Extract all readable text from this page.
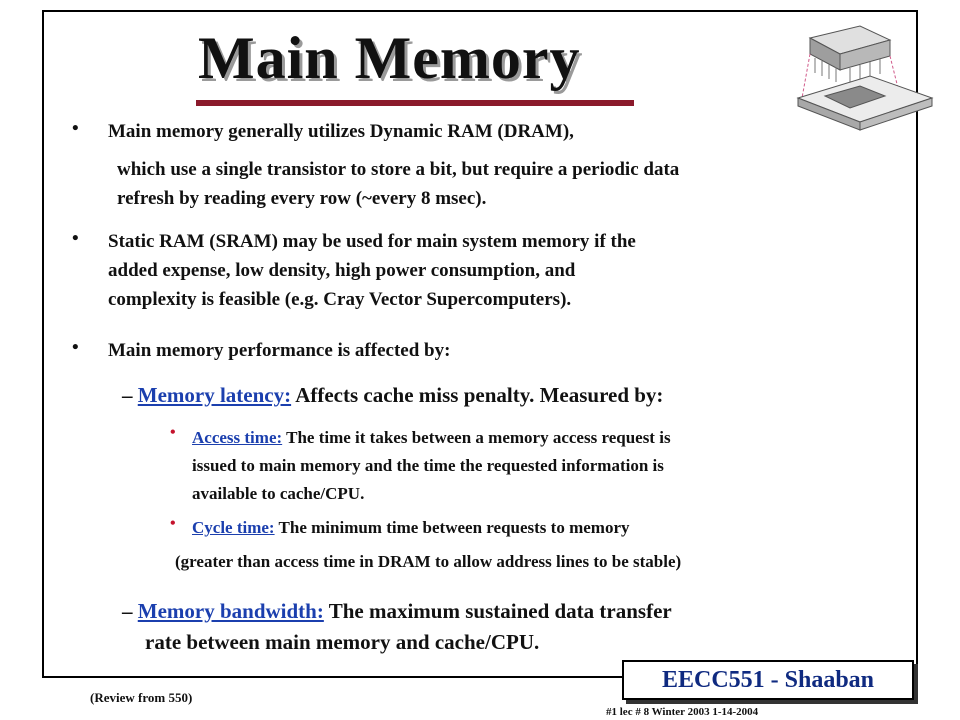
Main Memory
• Main memory generally utilizes Dynamic RAM (DRAM),
which use a single transistor to store a bit, but require a periodic data
refresh by reading every row (~every 8 msec).
• Static RAM (SRAM) may be used for main system memory if the
added expense, low density, high power consumption, and
complexity is feasible (e.g. Cray Vector Supercomputers).
• Main memory performance is affected by:
– Memory latency: Affects cache miss penalty. Measured by:
• Access time: The time it takes between a memory access request is
issued to main memory and the time the requested information is
available to cache/CPU.
• Cycle time: The minimum time between requests to memory
(greater than access time in DRAM to allow address lines to be stable)
– Memory bandwidth: The maximum sustained data transfer
rate between main memory and cache/CPU.
EECC551 - Shaaban
(Review from 550)
#1 lec # 8 Winter 2003 1-14-2004
